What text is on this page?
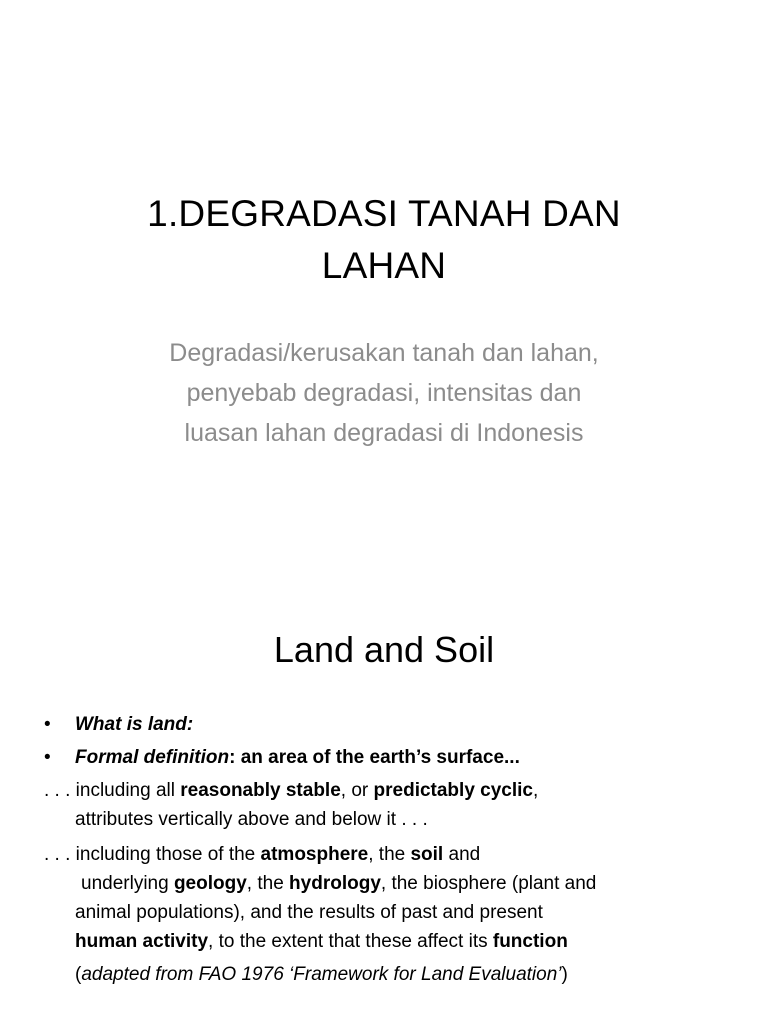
1.DEGRADASI TANAH DAN
LAHAN
Degradasi/kerusakan tanah dan lahan,
penyebab degradasi, intensitas dan
luasan lahan degradasi di Indonesis
Land and Soil
• What is land:
• Formal definition: an area of the earth’s surface...
. . . including all reasonably stable, or predictably cyclic,
attributes vertically above and below it . . .
. . . including those of the atmosphere, the soil and
underlying geology, the hydrology, the biosphere (plant and
animal populations), and the results of past and present
human activity, to the extent that these affect its function
(adapted from FAO 1976 ‘Framework for Land Evaluation’)
